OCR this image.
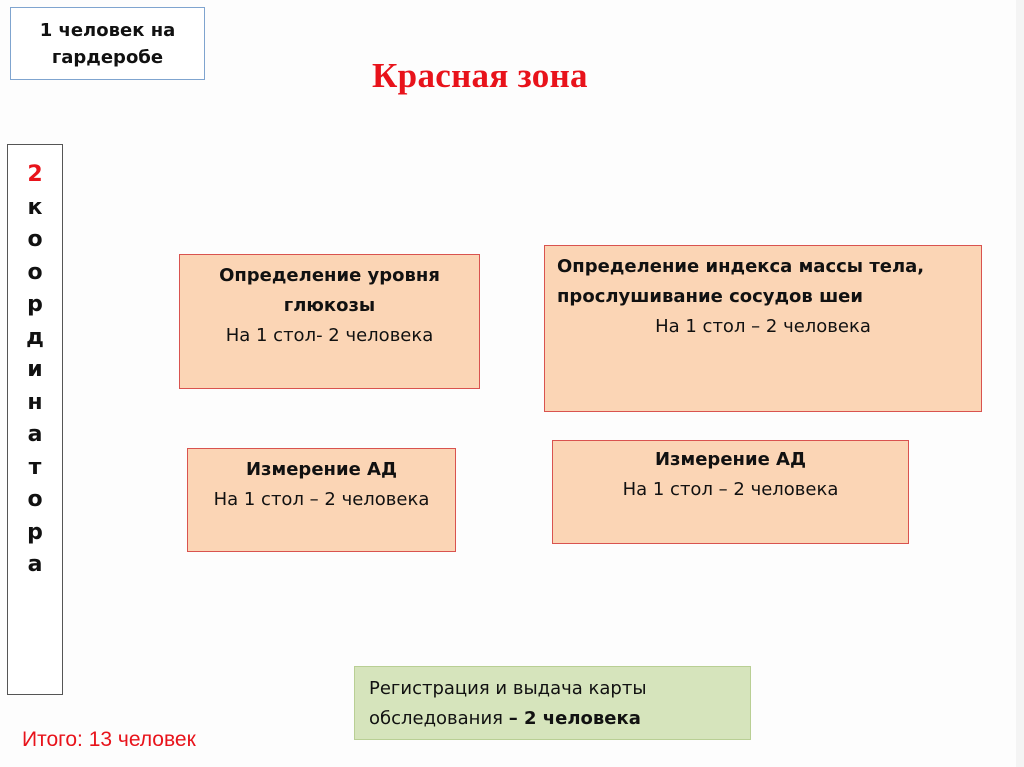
1 человек на
гардеробе	Красная зона
2
к
о
о
р
д
и
н
а
т
о
р
а
Определение уровня
глюкозы
На 1 стол- 2 человека
Определение индекса массы тела,
прослушивание сосудов шеи
На 1 стол – 2 человека
Измерение АД
На 1 стол – 2 человека
Измерение АД
На 1 стол – 2 человека
Регистрация и выдача карты
обследования – 2 человека
Итого: 13 человек
